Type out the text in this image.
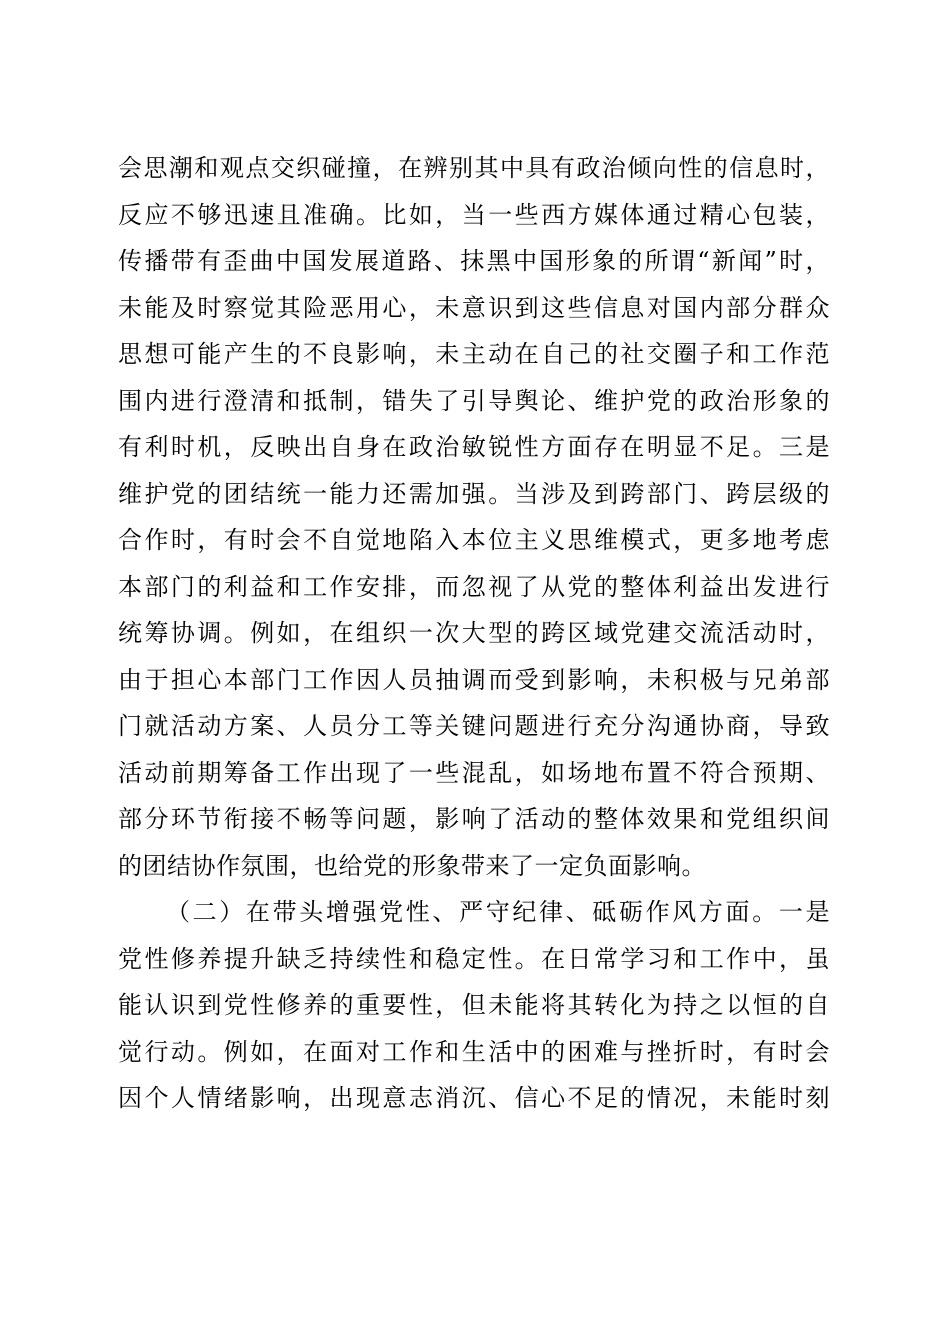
会思潮和观点交织碰撞，在辨别其中具有政治倾向性的信息时，
反应不够迅速且准确。比如，当一些西方媒体通过精心包装，
传播带有歪曲中国发展道路、抹黑中国形象的所谓“新闻”时，
未能及时察觉其险恶用心，未意识到这些信息对国内部分群众
思想可能产生的不良影响，未主动在自己的社交圈子和工作范
围内进行澄清和抵制，错失了引导舆论、维护党的政治形象的
有利时机，反映出自身在政治敏锐性方面存在明显不足。三是
维护党的团结统一能力还需加强。当涉及到跨部门、跨层级的
合作时，有时会不自觉地陷入本位主义思维模式，更多地考虑
本部门的利益和工作安排，而忽视了从党的整体利益出发进行
统筹协调。例如，在组织一次大型的跨区域党建交流活动时，
由于担心本部门工作因人员抽调而受到影响，未积极与兄弟部
门就活动方案、人员分工等关键问题进行充分沟通协商，导致
活动前期筹备工作出现了一些混乱，如场地布置不符合预期、
部分环节衔接不畅等问题，影响了活动的整体效果和党组织间
的团结协作氛围，也给党的形象带来了一定负面影响。
（二）在带头增强党性、严守纪律、砥砺作风方面。一是
党性修养提升缺乏持续性和稳定性。在日常学习和工作中，虽
能认识到党性修养的重要性，但未能将其转化为持之以恒的自
觉行动。例如，在面对工作和生活中的困难与挫折时，有时会
因个人情绪影响，出现意志消沉、信心不足的情况，未能时刻
